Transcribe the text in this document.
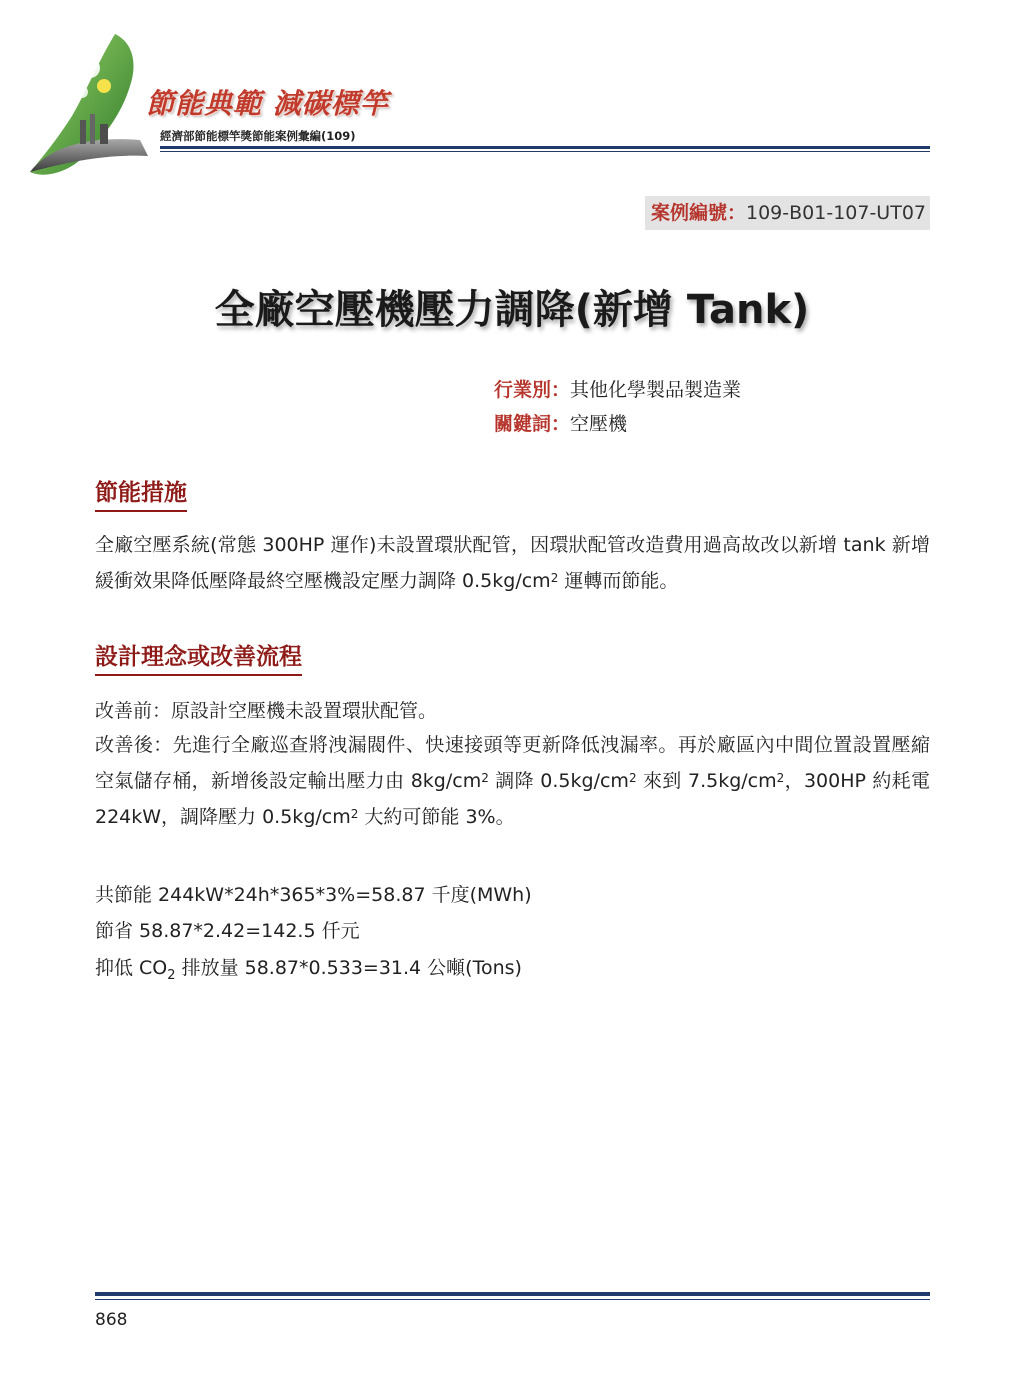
節能典範 減碳標竿
經濟部節能標竿獎節能案例彙編(109)
案例編號：109-B01-107-UT07
全廠空壓機壓力調降(新增 Tank)
行業別：其他化學製品製造業
關鍵詞：空壓機
節能措施
全廠空壓系統(常態 300HP 運作)未設置環狀配管，因環狀配管改造費用過高故改以新增 tank 新增緩衝效果降低壓降最終空壓機設定壓力調降 $0.5kg/cm^2$ 運轉而節能。
設計理念或改善流程
改善前：原設計空壓機未設置環狀配管。
改善後：先進行全廠巡查將洩漏閥件、快速接頭等更新降低洩漏率。再於廠區內中間位置設置壓縮空氣儲存桶，新增後設定輸出壓力由 $8kg/cm^2$ 調降 $0.5kg/cm^2$ 來到 $7.5kg/cm^2$，300HP 約耗電 224kW，調降壓力 $0.5kg/cm^2$ 大約可節能 3%。
共節能 244kW*24h*365*3%=58.87 千度(MWh)
節省 58.87*2.42=142.5 仟元
抑低 $CO_2$ 排放量 58.87*0.533=31.4 公噸(Tons)
868
